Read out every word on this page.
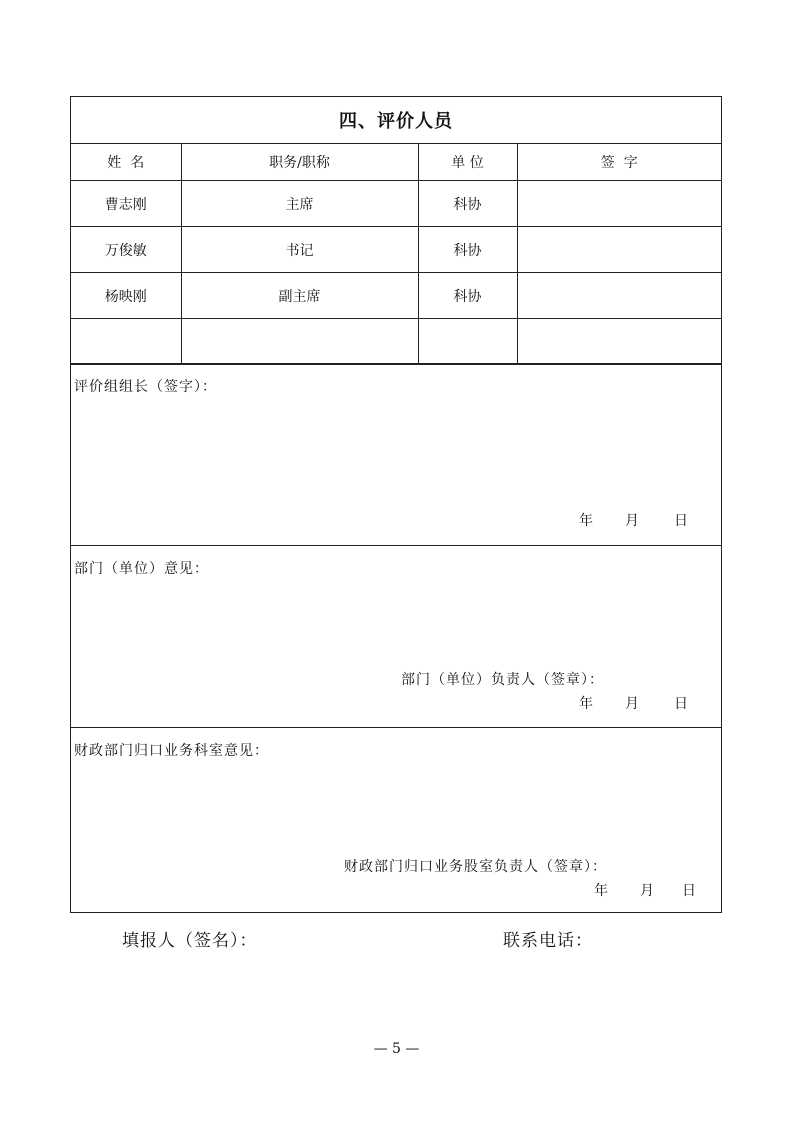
四、评价人员
姓  名	职务/职称	单 位	签  字
曹志刚	主席	科协	
万俊敏	书记	科协	
杨映刚	副主席	科协	

评价组组长（签字）：
年 月	日
部门（单位）意见：
部门（单位）负责人（签章）：
年 月	日
财政部门归口业务科室意见：
财政部门归口业务股室负责人（签章）：
年 月 日
填报人（签名）：	联系电话：
— 5 —
